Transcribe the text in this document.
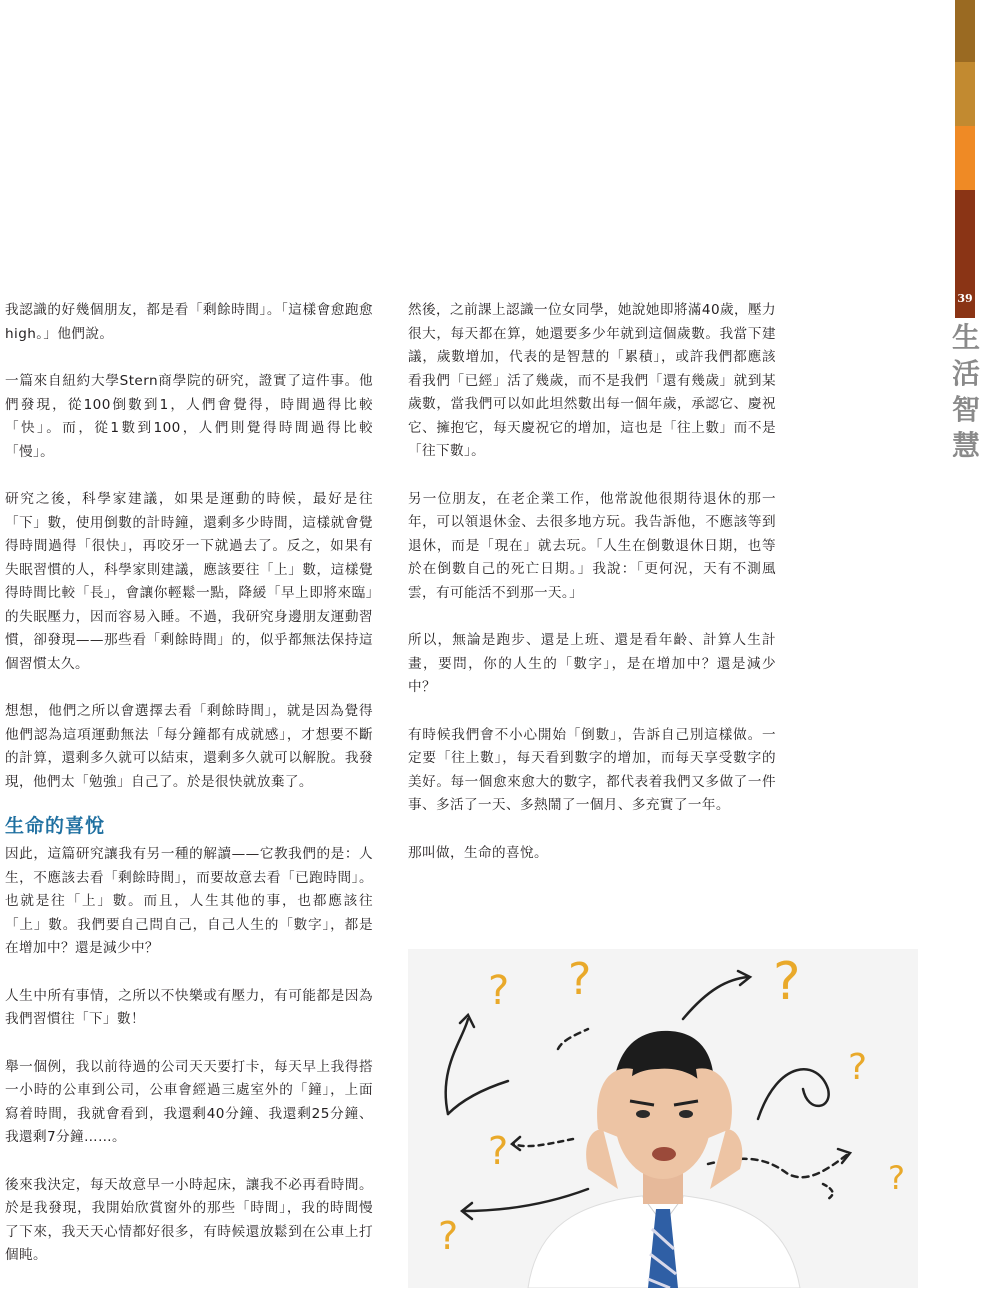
39
生
活
智
慧

我認識的好幾個朋友，都是看「剩餘時間」。「這樣會愈跑愈high。」他們說。

一篇來自紐約大學Stern商學院的研究，證實了這件事。他們發現，從100倒數到1，人們會覺得，時間過得比較「快」。而，從1數到100，人們則覺得時間過得比較「慢」。

研究之後，科學家建議，如果是運動的時候，最好是往「下」數，使用倒數的計時鐘，還剩多少時間，這樣就會覺得時間過得「很快」，再咬牙一下就過去了。反之，如果有失眠習慣的人，科學家則建議，應該要往「上」數，這樣覺得時間比較「長」，會讓你輕鬆一點，降緩「早上即將來臨」的失眠壓力，因而容易入睡。不過，我研究身邊朋友運動習慣，卻發現——那些看「剩餘時間」的，似乎都無法保持這個習慣太久。

想想，他們之所以會選擇去看「剩餘時間」，就是因為覺得他們認為這項運動無法「每分鐘都有成就感」，才想要不斷的計算，還剩多久就可以結束，還剩多久就可以解脫。我發現，他們太「勉強」自己了。於是很快就放棄了。

生命的喜悅

因此，這篇研究讓我有另一種的解讀——它教我們的是：人生，不應該去看「剩餘時間」，而要故意去看「已跑時間」。也就是往「上」數。而且，人生其他的事，也都應該往「上」數。我們要自己問自己，自己人生的「數字」，都是在增加中？還是減少中？

人生中所有事情，之所以不快樂或有壓力，有可能都是因為我們習慣往「下」數！

舉一個例，我以前待過的公司天天要打卡，每天早上我得搭一小時的公車到公司，公車會經過三處室外的「鐘」，上面寫着時間，我就會看到，我還剩40分鐘、我還剩25分鐘、我還剩7分鐘……。

後來我決定，每天故意早一小時起床，讓我不必再看時間。於是我發現，我開始欣賞窗外的那些「時間」，我的時間慢了下來，我天天心情都好很多，有時候還放鬆到在公車上打個盹。

然後，之前課上認識一位女同學，她說她即將滿40歲，壓力很大，每天都在算，她還要多少年就到這個歲數。我當下建議，歲數增加，代表的是智慧的「累積」，或許我們都應該看我們「已經」活了幾歲，而不是我們「還有幾歲」就到某歲數，當我們可以如此坦然數出每一個年歲，承認它、慶祝它、擁抱它，每天慶祝它的增加，這也是「往上數」而不是「往下數」。

另一位朋友，在老企業工作，他常說他很期待退休的那一年，可以領退休金、去很多地方玩。我告訴他，不應該等到退休，而是「現在」就去玩。「人生在倒數退休日期，也等於在倒數自己的死亡日期。」我說：「更何況，天有不測風雲，有可能活不到那一天。」

所以，無論是跑步、還是上班、還是看年齡、計算人生計畫，要問，你的人生的「數字」，是在增加中？還是減少中？

有時候我們會不小心開始「倒數」，告訴自己別這樣做。一定要「往上數」，每天看到數字的增加，而每天享受數字的美好。每一個愈來愈大的數字，都代表着我們又多做了一件事、多活了一天、多熱鬧了一個月、多充實了一年。

那叫做，生命的喜悅。

? ?	?
?
?
?
?
